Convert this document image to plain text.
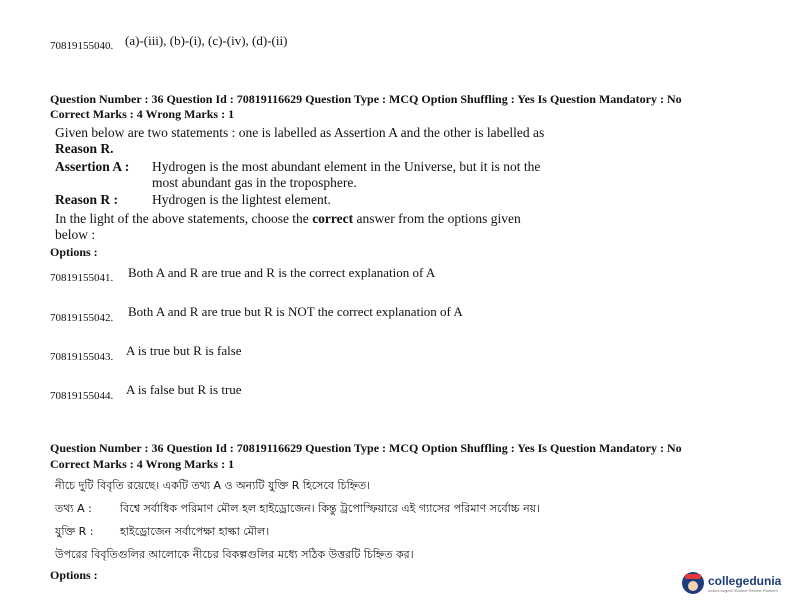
70819155040. (a)-(iii), (b)-(i), (c)-(iv), (d)-(ii)
Question Number : 36 Question Id : 70819116629 Question Type : MCQ Option Shuffling : Yes Is Question Mandatory : No
Correct Marks : 4 Wrong Marks : 1
Given below are two statements : one is labelled as Assertion A and the other is labelled as
Reason R.
Assertion A : Hydrogen is the most abundant element in the Universe, but it is not the
most abundant gas in the troposphere.
Reason R :	Hydrogen is the lightest element.
In the light of the above statements, choose the correct answer from the options given
below :
Options :
70819155041. Both A and R are true and R is the correct explanation of A
70819155042. Both A and R are true but R is NOT the correct explanation of A
70819155043. A is true but R is false
70819155044. A is false but R is true
Question Number : 36 Question Id : 70819116629 Question Type : MCQ Option Shuffling : Yes Is Question Mandatory : No
Correct Marks : 4 Wrong Marks : 1
নীচে দুটি বিবৃতি রয়েছে। একটি তথ্য A ও অন্যটি যুক্তি R হিসেবে চিহ্নিত।
তথ্য A :	বিশ্বে সর্বাধিক পরিমাণ মৌল হল হাইড্রোজেন। কিন্তু ট্রপোস্ফিয়ারে এই গ্যাসের পরিমাণ সর্বোচ্চ নয়।
যুক্তি R : হাইড্রোজেন সর্বাপেক্ষা হাল্কা মৌল।
উপরের বিবৃতিগুলির আলোকে নীচের বিকল্পগুলির মধ্যে সঠিক উত্তরটি চিহ্নিত কর।
Options :	collegedunia
India's largest Student Review Platform
